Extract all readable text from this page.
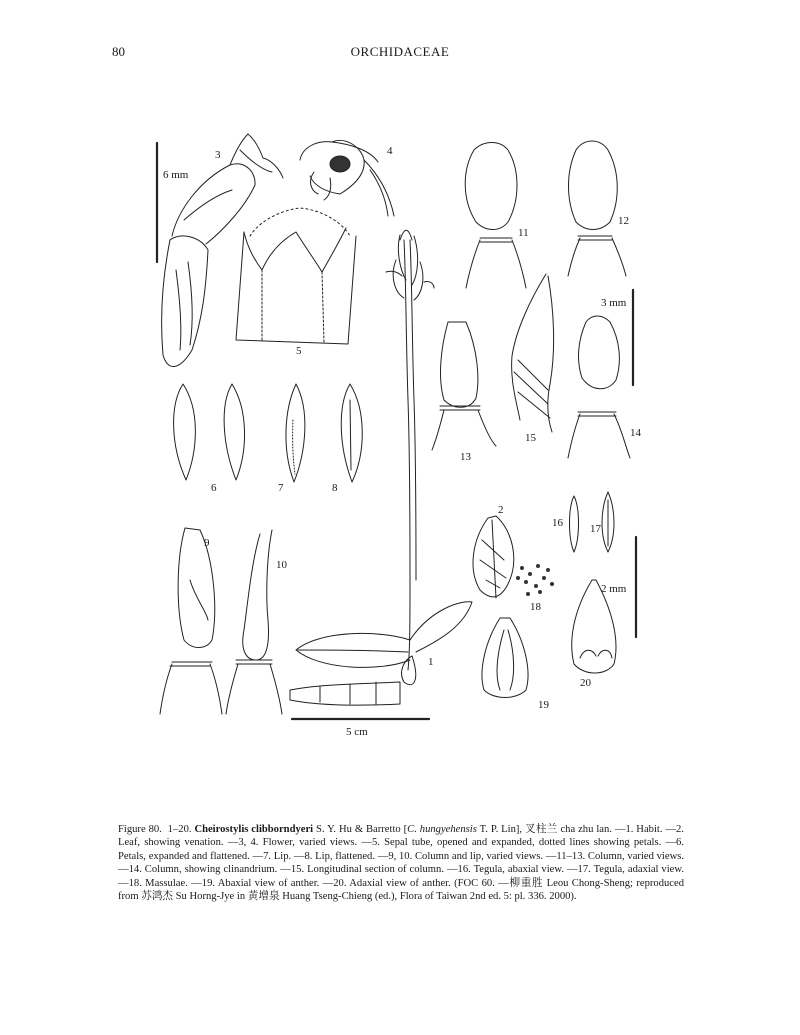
80	ORCHIDACEAE
3	4
5
6	7	8
9
10
1
11
12
13
14
15
2
16 17
18
19
20
6 mm
3 mm
2 mm
5 cm
Figure 80. 1–20. Cheirostylis clibborndyeri S. Y. Hu & Barretto [C. hungyehensis T. P. Lin], 叉柱兰 cha zhu lan. —1. Habit. —2. Leaf, showing venation. —3, 4. Flower, varied views. —5. Sepal tube, opened and expanded, dotted lines showing petals. —6. Petals, expanded and flattened. —7. Lip. —8. Lip, flattened. —9, 10. Column and lip, varied views. —11–13. Column, varied views. —14. Column, showing clinandrium. —15. Longitudinal section of column. —16. Tegula, abaxial view. —17. Tegula, adaxial view. —18. Massulae. —19. Abaxial view of anther. —20. Adaxial view of anther. (FOC 60. —柳重胜 Leou Chong-Sheng; reproduced from 苏鸿杰 Su Horng-Jye in 黄增泉 Huang Tseng-Chieng (ed.), Flora of Taiwan 2nd ed. 5: pl. 336. 2000).
